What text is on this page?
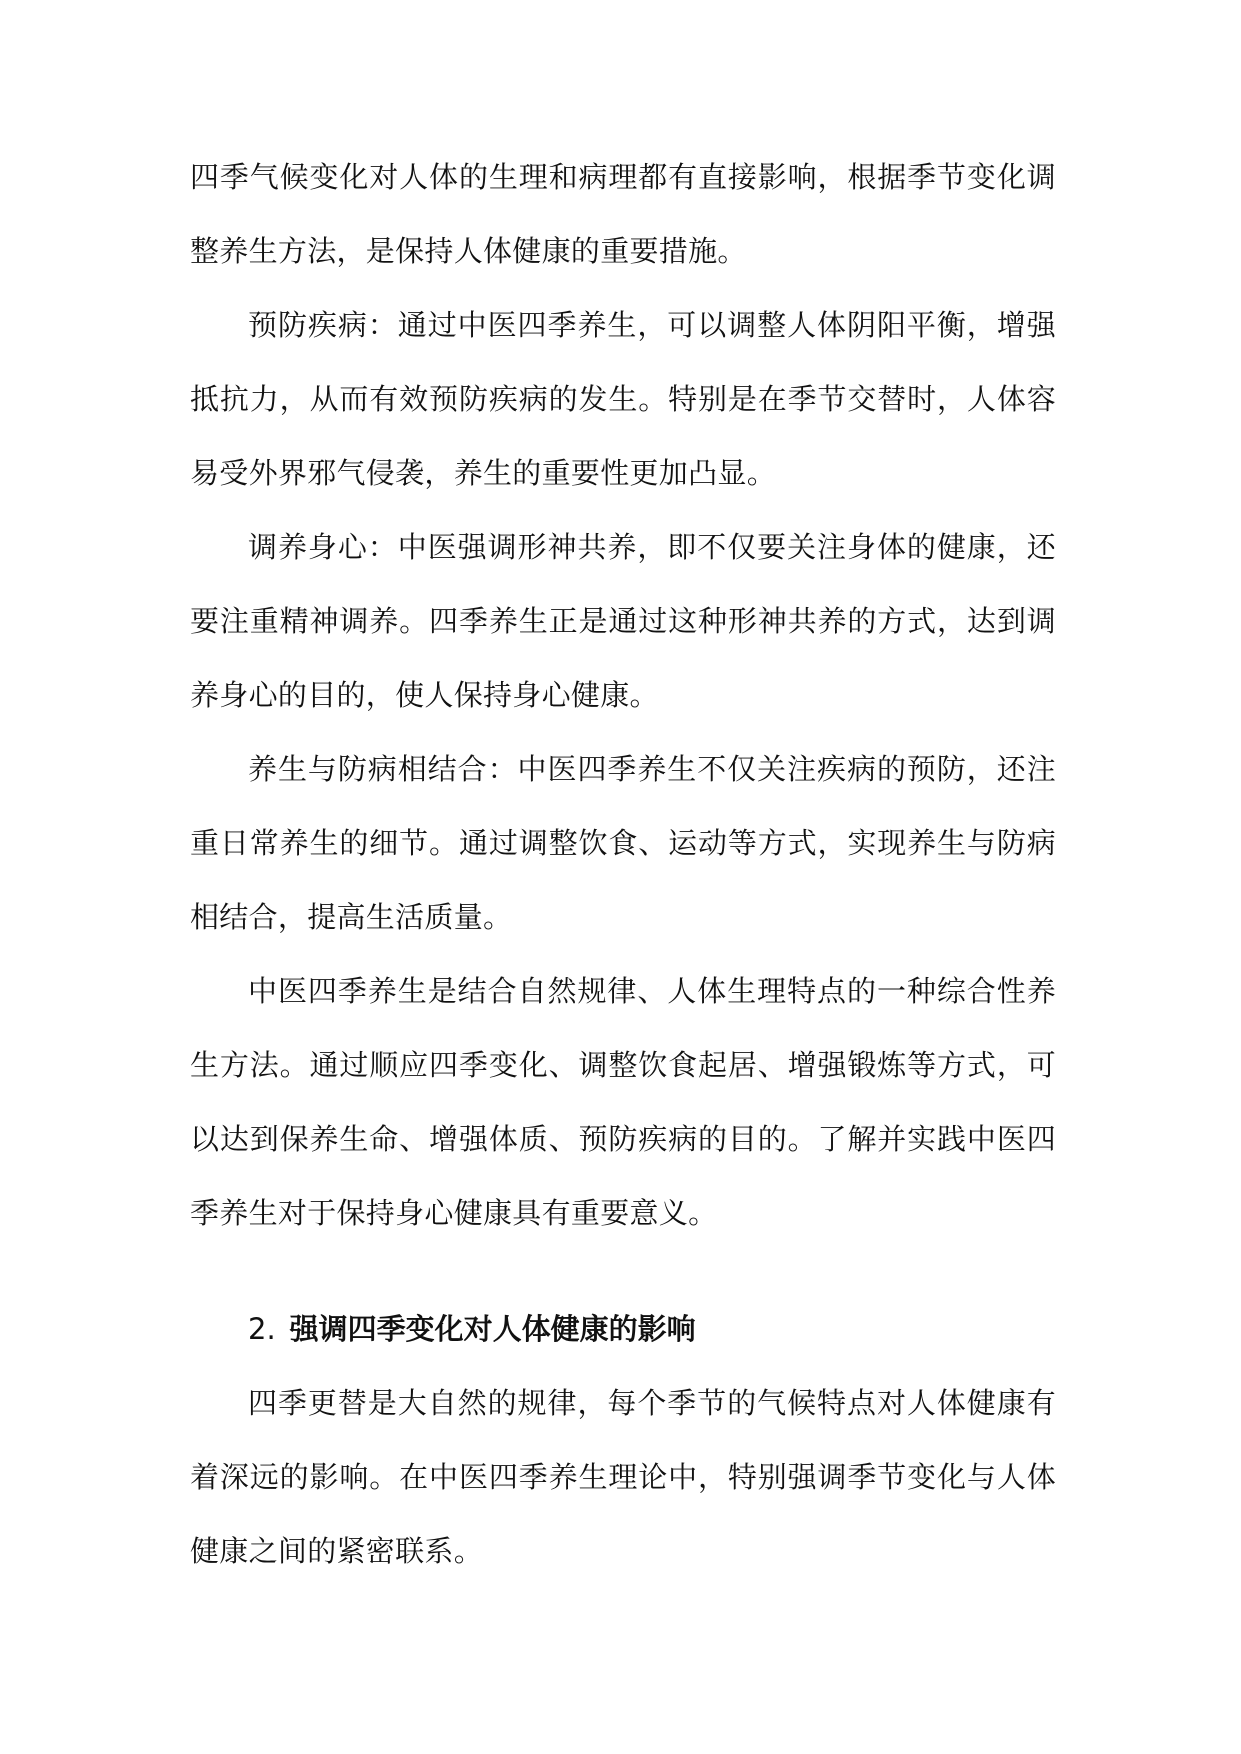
四季气候变化对人体的生理和病理都有直接影响，根据季节变化调整养生方法，是保持人体健康的重要措施。

预防疾病：通过中医四季养生，可以调整人体阴阳平衡，增强抵抗力，从而有效预防疾病的发生。特别是在季节交替时，人体容易受外界邪气侵袭，养生的重要性更加凸显。

调养身心：中医强调形神共养，即不仅要关注身体的健康，还要注重精神调养。四季养生正是通过这种形神共养的方式，达到调养身心的目的，使人保持身心健康。

养生与防病相结合：中医四季养生不仅关注疾病的预防，还注重日常养生的细节。通过调整饮食、运动等方式，实现养生与防病相结合，提高生活质量。

中医四季养生是结合自然规律、人体生理特点的一种综合性养生方法。通过顺应四季变化、调整饮食起居、增强锻炼等方式，可以达到保养生命、增强体质、预防疾病的目的。了解并实践中医四季养生对于保持身心健康具有重要意义。

2. 强调四季变化对人体健康的影响

四季更替是大自然的规律，每个季节的气候特点对人体健康有着深远的影响。在中医四季养生理论中，特别强调季节变化与人体健康之间的紧密联系。
